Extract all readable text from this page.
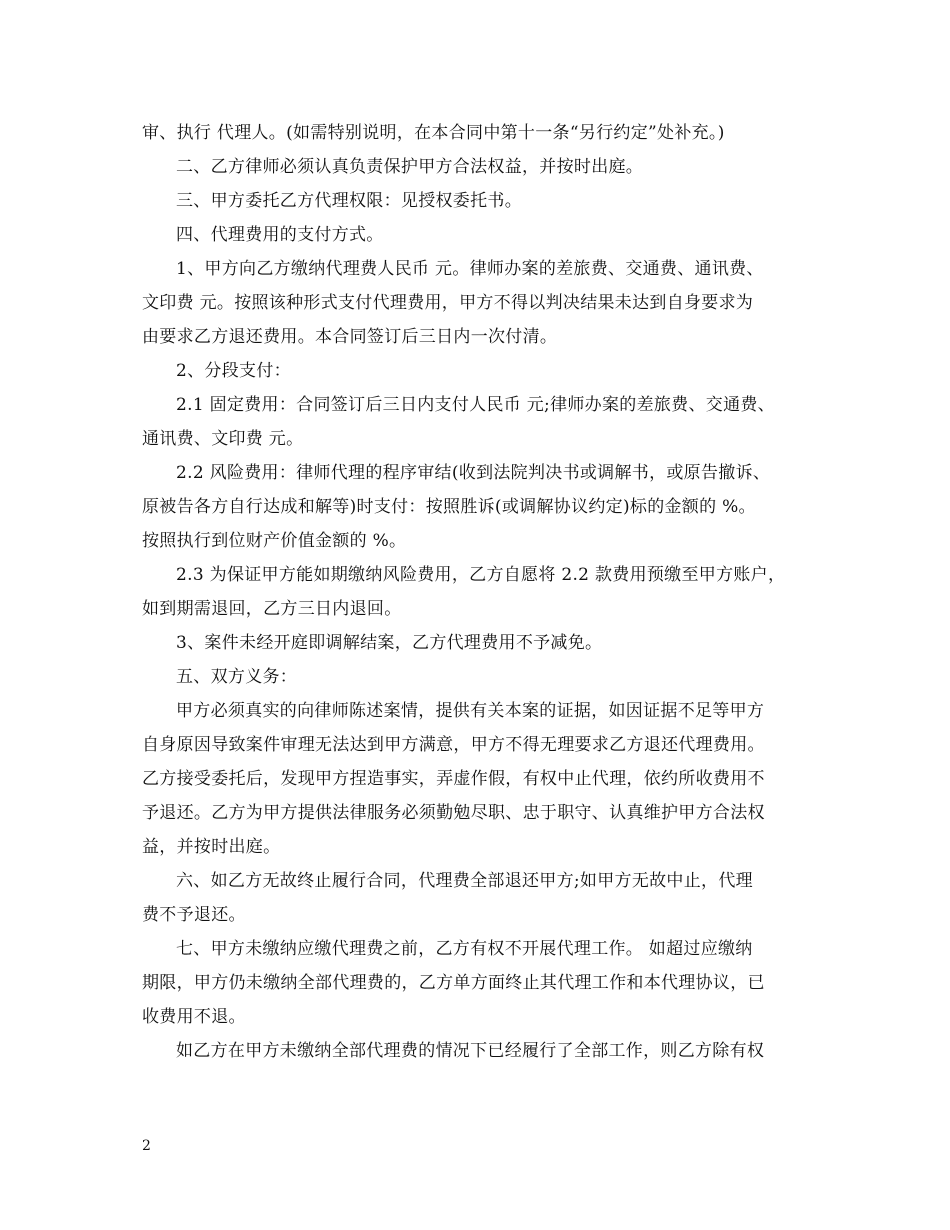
审、执行 代理人。(如需特别说明，在本合同中第十一条“另行约定”处补充。)
二、乙方律师必须认真负责保护甲方合法权益，并按时出庭。
三、甲方委托乙方代理权限：见授权委托书。
四、代理费用的支付方式。
1、甲方向乙方缴纳代理费人民币 元。律师办案的差旅费、交通费、通讯费、
文印费 元。按照该种形式支付代理费用，甲方不得以判决结果未达到自身要求为
由要求乙方退还费用。本合同签订后三日内一次付清。
2、分段支付：
2.1 固定费用：合同签订后三日内支付人民币 元;律师办案的差旅费、交通费、
通讯费、文印费 元。
2.2 风险费用：律师代理的程序审结(收到法院判决书或调解书，或原告撤诉、
原被告各方自行达成和解等)时支付：按照胜诉(或调解协议约定)标的金额的 %。
按照执行到位财产价值金额的 %。
2.3 为保证甲方能如期缴纳风险费用，乙方自愿将 2.2 款费用预缴至甲方账户，
如到期需退回，乙方三日内退回。
3、案件未经开庭即调解结案，乙方代理费用不予减免。
五、双方义务：
甲方必须真实的向律师陈述案情，提供有关本案的证据，如因证据不足等甲方
自身原因导致案件审理无法达到甲方满意，甲方不得无理要求乙方退还代理费用。
乙方接受委托后，发现甲方捏造事实，弄虚作假，有权中止代理，依约所收费用不
予退还。乙方为甲方提供法律服务必须勤勉尽职、忠于职守、认真维护甲方合法权
益，并按时出庭。
六、如乙方无故终止履行合同，代理费全部退还甲方;如甲方无故中止，代理
费不予退还。
七、甲方未缴纳应缴代理费之前，乙方有权不开展代理工作。 如超过应缴纳
期限，甲方仍未缴纳全部代理费的，乙方单方面终止其代理工作和本代理协议，已
收费用不退。
如乙方在甲方未缴纳全部代理费的情况下已经履行了全部工作，则乙方除有权
2
